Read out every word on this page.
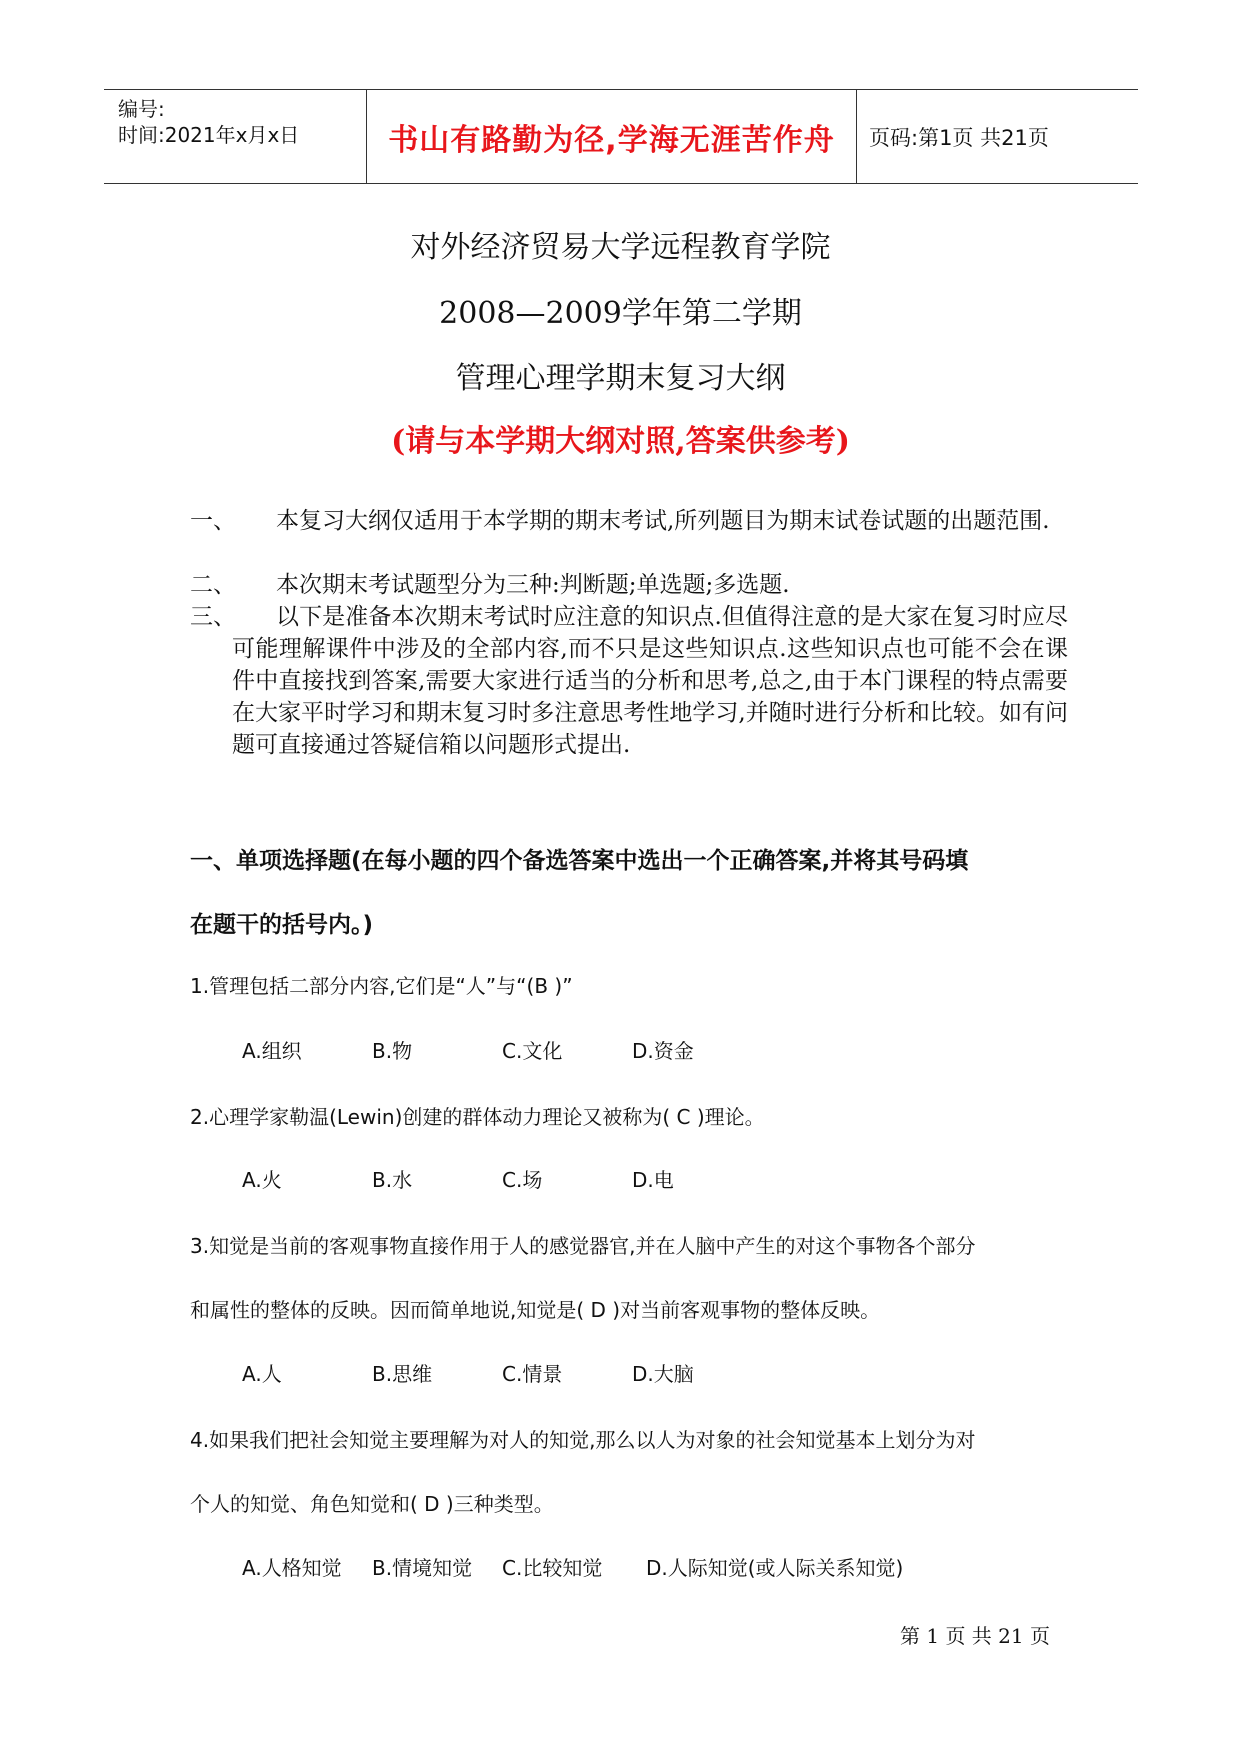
编号:
时间:2021年x月x日	书山有路勤为径,学海无涯苦作舟 页码:第1页 共21页
对外经济贸易大学远程教育学院
2008—2009学年第二学期
管理心理学期末复习大纲
(请与本学期大纲对照,答案供参考)
一、	本复习大纲仅适用于本学期的期末考试,所列题目为期末试卷试题的出题范围.
二、	本次期末考试题型分为三种:判断题;单选题;多选题.
三、	以下是准备本次期末考试时应注意的知识点.但值得注意的是大家在复习时应尽可能理解课件中涉及的全部内容,而不只是这些知识点.这些知识点也可能不会在课件中直接找到答案,需要大家进行适当的分析和思考,总之,由于本门课程的特点需要在大家平时学习和期末复习时多注意思考性地学习,并随时进行分析和比较。如有问题可直接通过答疑信箱以问题形式提出.
一、单项选择题(在每小题的四个备选答案中选出一个正确答案,并将其号码填
在题干的括号内。)
1.管理包括二部分内容,它们是“人”与“(B )”
A.组织	B.物	C.文化	D.资金
2.心理学家勒温(Lewin)创建的群体动力理论又被称为( C )理论。
A.火	B.水	C.场	D.电
3.知觉是当前的客观事物直接作用于人的感觉器官,并在人脑中产生的对这个事物各个部分
和属性的整体的反映。因而简单地说,知觉是( D )对当前客观事物的整体反映。
A.人	B.思维	C.情景	D.大脑
4.如果我们把社会知觉主要理解为对人的知觉,那么以人为对象的社会知觉基本上划分为对
个人的知觉、角色知觉和( D )三种类型。
A.人格知觉 B.情境知觉 C.比较知觉 D.人际知觉(或人际关系知觉)
第 1 页 共 21 页
